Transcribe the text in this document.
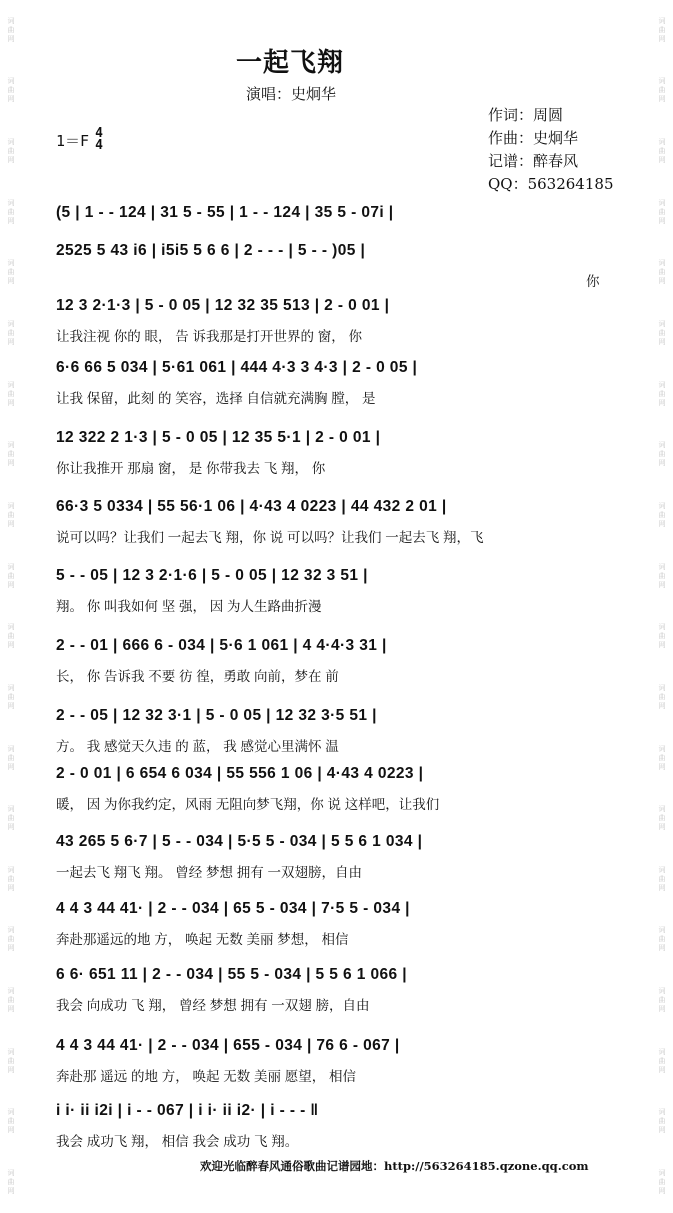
词曲网
词曲网
词曲网
词曲网
词曲网
词曲网
词曲网
词曲网
词曲网
词曲网
词曲网
词曲网
词曲网
词曲网
词曲网
词曲网
词曲网
词曲网
词曲网
词曲网
词曲网
词曲网
词曲网
词曲网
词曲网
词曲网
词曲网
词曲网
词曲网
词曲网
词曲网
词曲网
词曲网
词曲网
词曲网
词曲网
词曲网
词曲网
词曲网
词曲网
一起飞翔
演唱：史炯华
1＝F 4
4
作词：周圆
作曲：史炯华
记谱：醉春风
QQ：563264185
(5 | 1 - - 124 | 31 5 - 55 | 1 - - 124 | 35 5 - 07i |
2525 5 43 i6 | i5i5 5 6 6 | 2 - - - | 5 - - )05 |
你
12 3 2·1·3 | 5 - 0 05 | 12 32 35 513 | 2 - 0 01 |
让我注视 你的 眼， 告 诉我那是打开世界的 窗， 你
6·6 66 5 034 | 5·61 061 | 444 4·3 3 4·3 | 2 - 0 05 |
让我 保留，此刻 的 笑容，选择 自信就充满胸 膛， 是
12 322 2 1·3 | 5 - 0 05 | 12 35 5·1 | 2 - 0 01 |
你让我推开 那扇 窗， 是 你带我去 飞 翔， 你
66·3 5 0334 | 55 56·1 06 | 4·43 4 0223 | 44 432 2 01 |
说可以吗？让我们 一起去飞 翔，你 说 可以吗？让我们 一起去飞 翔，飞
5 - - 05 | 12 3 2·1·6 | 5 - 0 05 | 12 32 3 51 |
翔。 你 叫我如何 坚 强， 因 为人生路曲折漫
2 - - 01 | 666 6 - 034 | 5·6 1 061 | 4 4·4·3 31 |
长， 你 告诉我 不要 彷 徨，勇敢 向前，梦在 前
2 - - 05 | 12 32 3·1 | 5 - 0 05 | 12 32 3·5 51 |
方。 我 感觉天久违 的 蓝， 我 感觉心里满怀 温
2 - 0 01 | 6 654 6 034 | 55 556 1 06 | 4·43 4 0223 |
暖， 因 为你我约定，风雨 无阻向梦飞翔，你 说 这样吧，让我们
43 265 5 6·7 | 5 - - 034 | 5·5 5 - 034 | 5 5 6 1 034 |
一起去飞 翔飞 翔。 曾经 梦想 拥有 一双翅膀，自由
4 4 3 44 41· | 2 - - 034 | 65 5 - 034 | 7·5 5 - 034 |
奔赴那遥远的地 方， 唤起 无数 美丽 梦想， 相信
6 6· 651 11 | 2 - - 034 | 55 5 - 034 | 5 5 6 1 066 |
我会 向成功 飞 翔， 曾经 梦想 拥有 一双翅 膀，自由
4 4 3 44 41· | 2 - - 034 | 655 - 034 | 76 6 - 067 |
奔赴那 遥远 的地 方， 唤起 无数 美丽 愿望， 相信
i i· ii i2i | i - - 067 | i i· ii i2· | i - - - ‖
我会 成功飞 翔， 相信 我会 成功 飞 翔。
欢迎光临醉春风通俗歌曲记谱园地：http://563264185.qzone.qq.com
